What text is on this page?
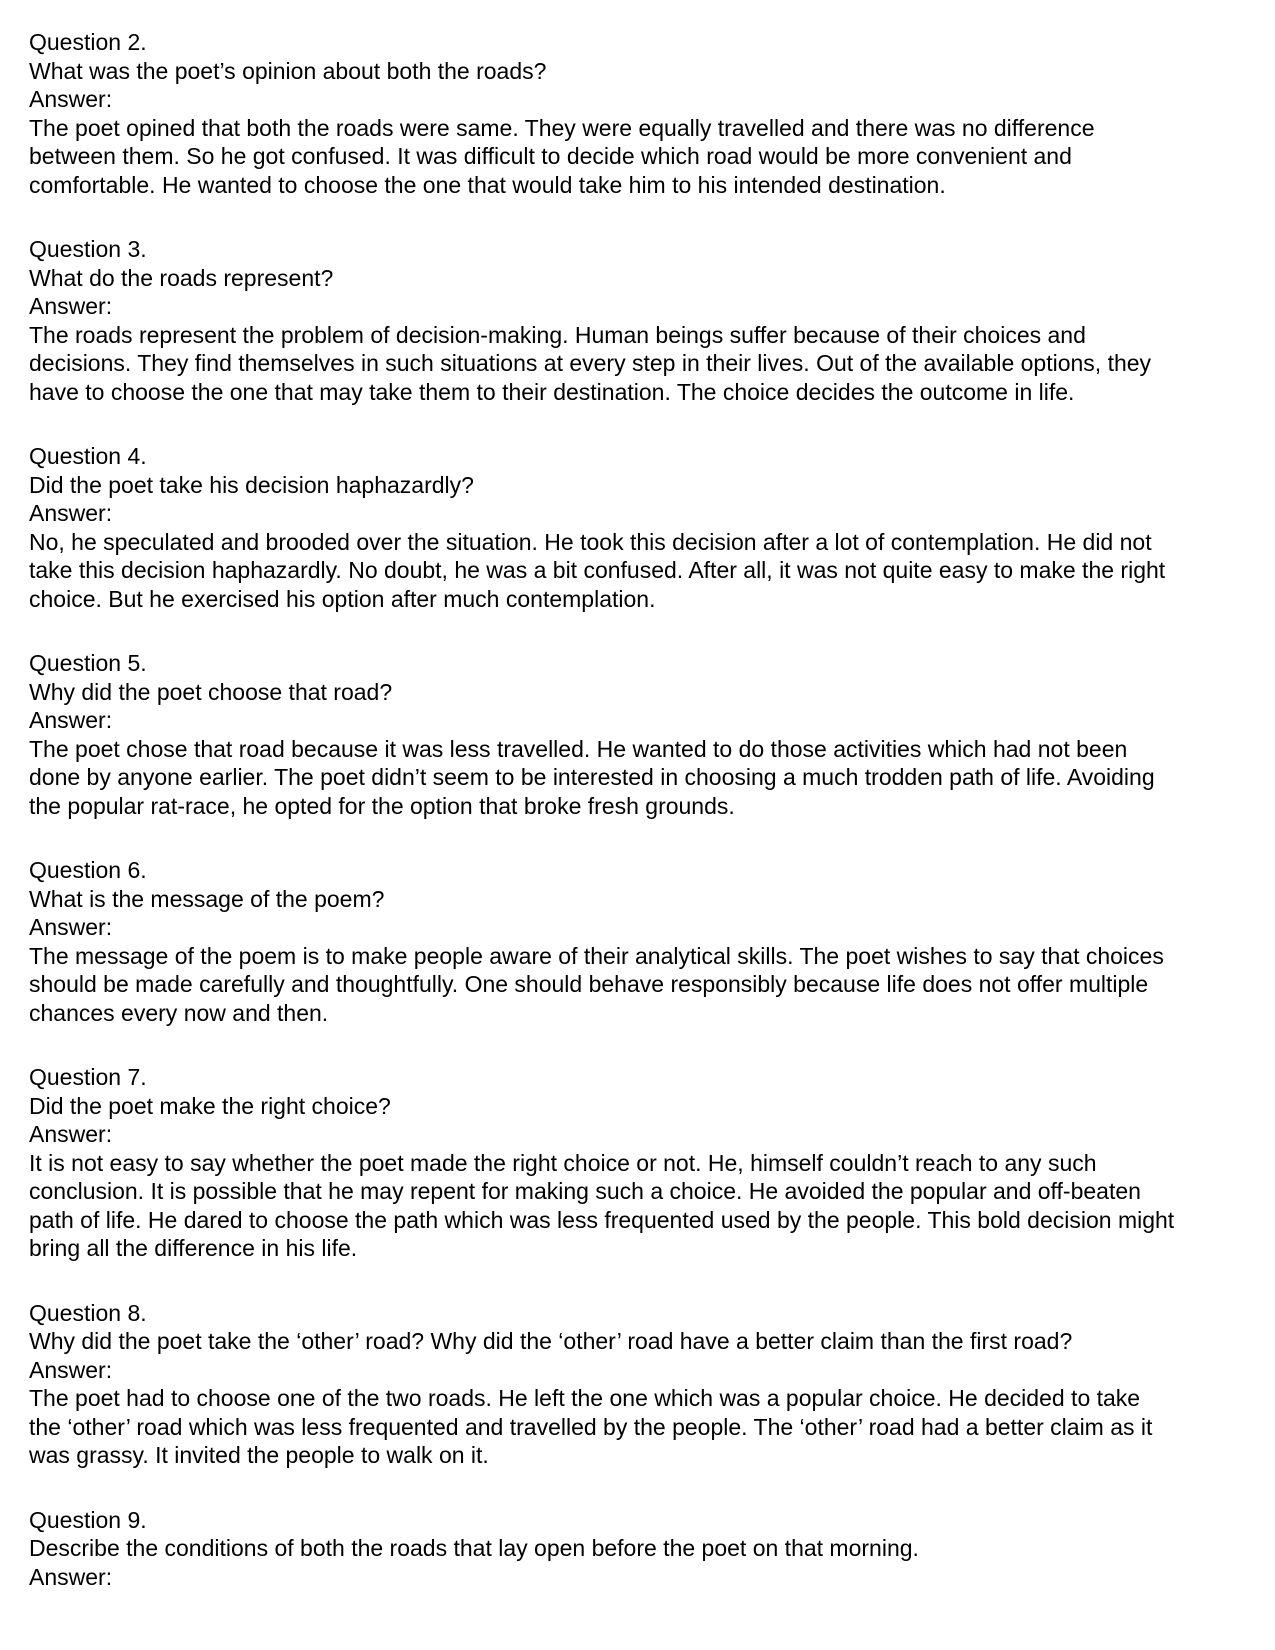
Question 2.
What was the poet’s opinion about both the roads?
Answer:
The poet opined that both the roads were same. They were equally travelled and there was no difference
between them. So he got confused. It was difficult to decide which road would be more convenient and
comfortable. He wanted to choose the one that would take him to his intended destination.
Question 3.
What do the roads represent?
Answer:
The roads represent the problem of decision-making. Human beings suffer because of their choices and
decisions. They find themselves in such situations at every step in their lives. Out of the available options, they
have to choose the one that may take them to their destination. The choice decides the outcome in life.
Question 4.
Did the poet take his decision haphazardly?
Answer:
No, he speculated and brooded over the situation. He took this decision after a lot of contemplation. He did not
take this decision haphazardly. No doubt, he was a bit confused. After all, it was not quite easy to make the right
choice. But he exercised his option after much contemplation.
Question 5.
Why did the poet choose that road?
Answer:
The poet chose that road because it was less travelled. He wanted to do those activities which had not been
done by anyone earlier. The poet didn’t seem to be interested in choosing a much trodden path of life. Avoiding
the popular rat-race, he opted for the option that broke fresh grounds.
Question 6.
What is the message of the poem?
Answer:
The message of the poem is to make people aware of their analytical skills. The poet wishes to say that choices
should be made carefully and thoughtfully. One should behave responsibly because life does not offer multiple
chances every now and then.
Question 7.
Did the poet make the right choice?
Answer:
It is not easy to say whether the poet made the right choice or not. He, himself couldn’t reach to any such
conclusion. It is possible that he may repent for making such a choice. He avoided the popular and off-beaten
path of life. He dared to choose the path which was less frequented used by the people. This bold decision might
bring all the difference in his life.
Question 8.
Why did the poet take the ‘other’ road? Why did the ‘other’ road have a better claim than the first road?
Answer:
The poet had to choose one of the two roads. He left the one which was a popular choice. He decided to take
the ‘other’ road which was less frequented and travelled by the people. The ‘other’ road had a better claim as it
was grassy. It invited the people to walk on it.
Question 9.
Describe the conditions of both the roads that lay open before the poet on that morning.
Answer:
